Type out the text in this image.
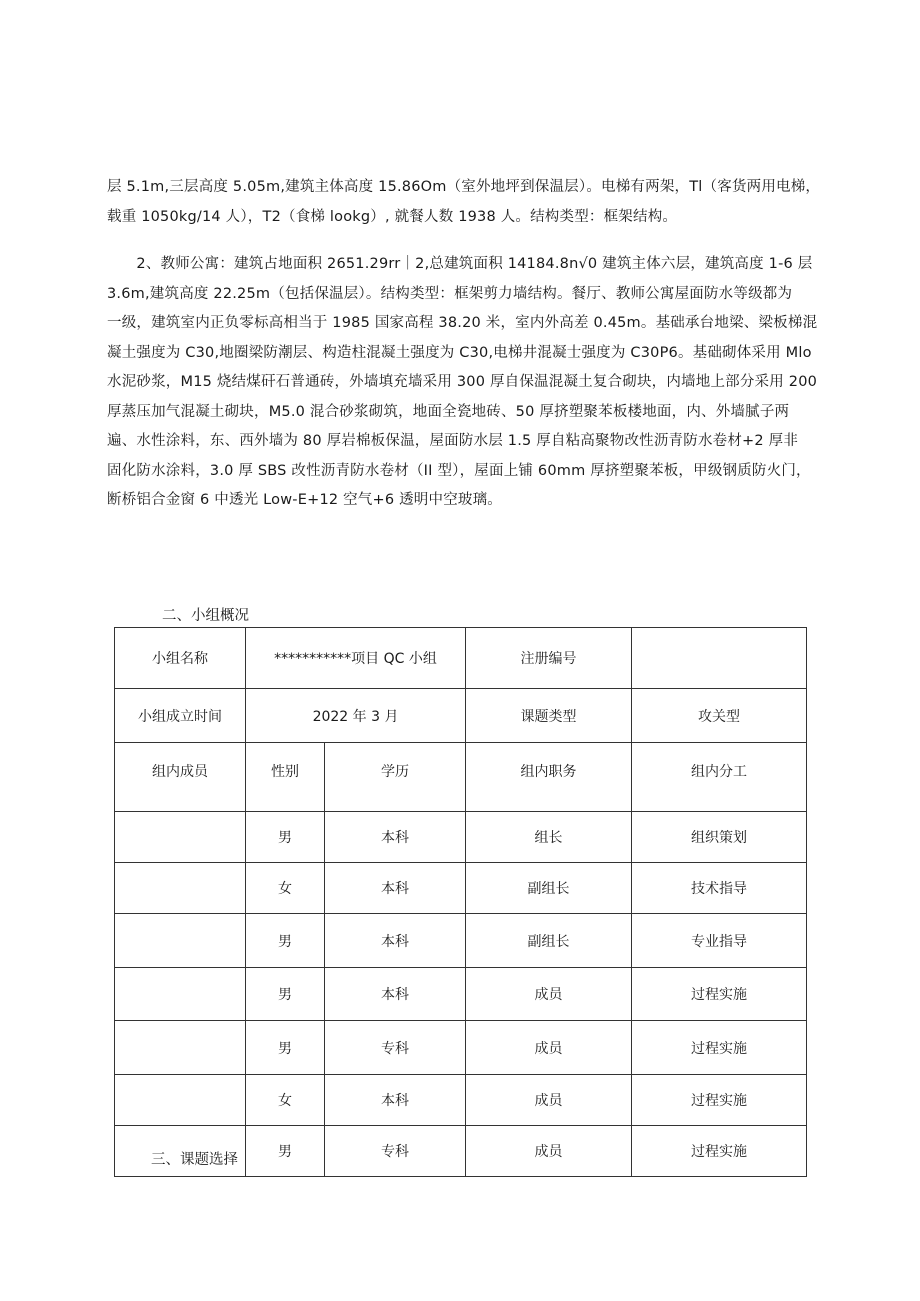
层 5.1m,三层高度 5.05m,建筑主体高度 15.86Om（室外地坪到保温层）。电梯有两架，Tl（客货两用电梯，
载重 1050kg/14 人），T2（食梯 lookg）, 就餐人数 1938 人。结构类型：框架结构。
　　2、教师公寓：建筑占地面积 2651.29rr｜2,总建筑面积 14184.8n√0 建筑主体六层，建筑高度 1-6 层
3.6m,建筑高度 22.25m（包括保温层）。结构类型：框架剪力墙结构。餐厅、教师公寓屋面防水等级都为
一级，建筑室内正负零标高相当于 1985 国家高程 38.20 米，室内外高差 0.45m。基础承台地梁、梁板梯混
凝土强度为 C30,地圈梁防潮层、构造柱混凝土强度为 C30,电梯井混凝士强度为 C30P6。基础砌体采用 Mlo
水泥砂浆，M15 烧结煤矸石普通砖，外墙填充墙采用 300 厚自保温混凝土复合砌块，内墙地上部分采用 200
厚蒸压加气混凝土砌块，M5.0 混合砂浆砌筑，地面全瓷地砖、50 厚挤塑聚苯板楼地面，内、外墙腻子两
遍、水性涂料，东、西外墙为 80 厚岩棉板保温，屋面防水层 1.5 厚自粘高聚物改性沥青防水卷材+2 厚非
固化防水涂料，3.0 厚 SBS 改性沥青防水卷材（II 型），屋面上铺 60mm 厚挤塑聚苯板，甲级钢质防火门，
断桥铝合金窗 6 中透光 Low-E+12 空气+6 透明中空玻璃。
二、小组概况
小组名称	***********项目 QC 小组		注册编号	
小组成立时间	2022 年 3 月		课题类型	攻关型
组内成员	性别	学历	组内职务	组内分工
	男	本科	组长	组织策划
	女	本科	副组长	技术指导
	男	本科	副组长	专业指导
	男	本科	成员	过程实施
	男	专科	成员	过程实施
	女	本科	成员	过程实施
	男	专科	成员	过程实施
三、课题选择
